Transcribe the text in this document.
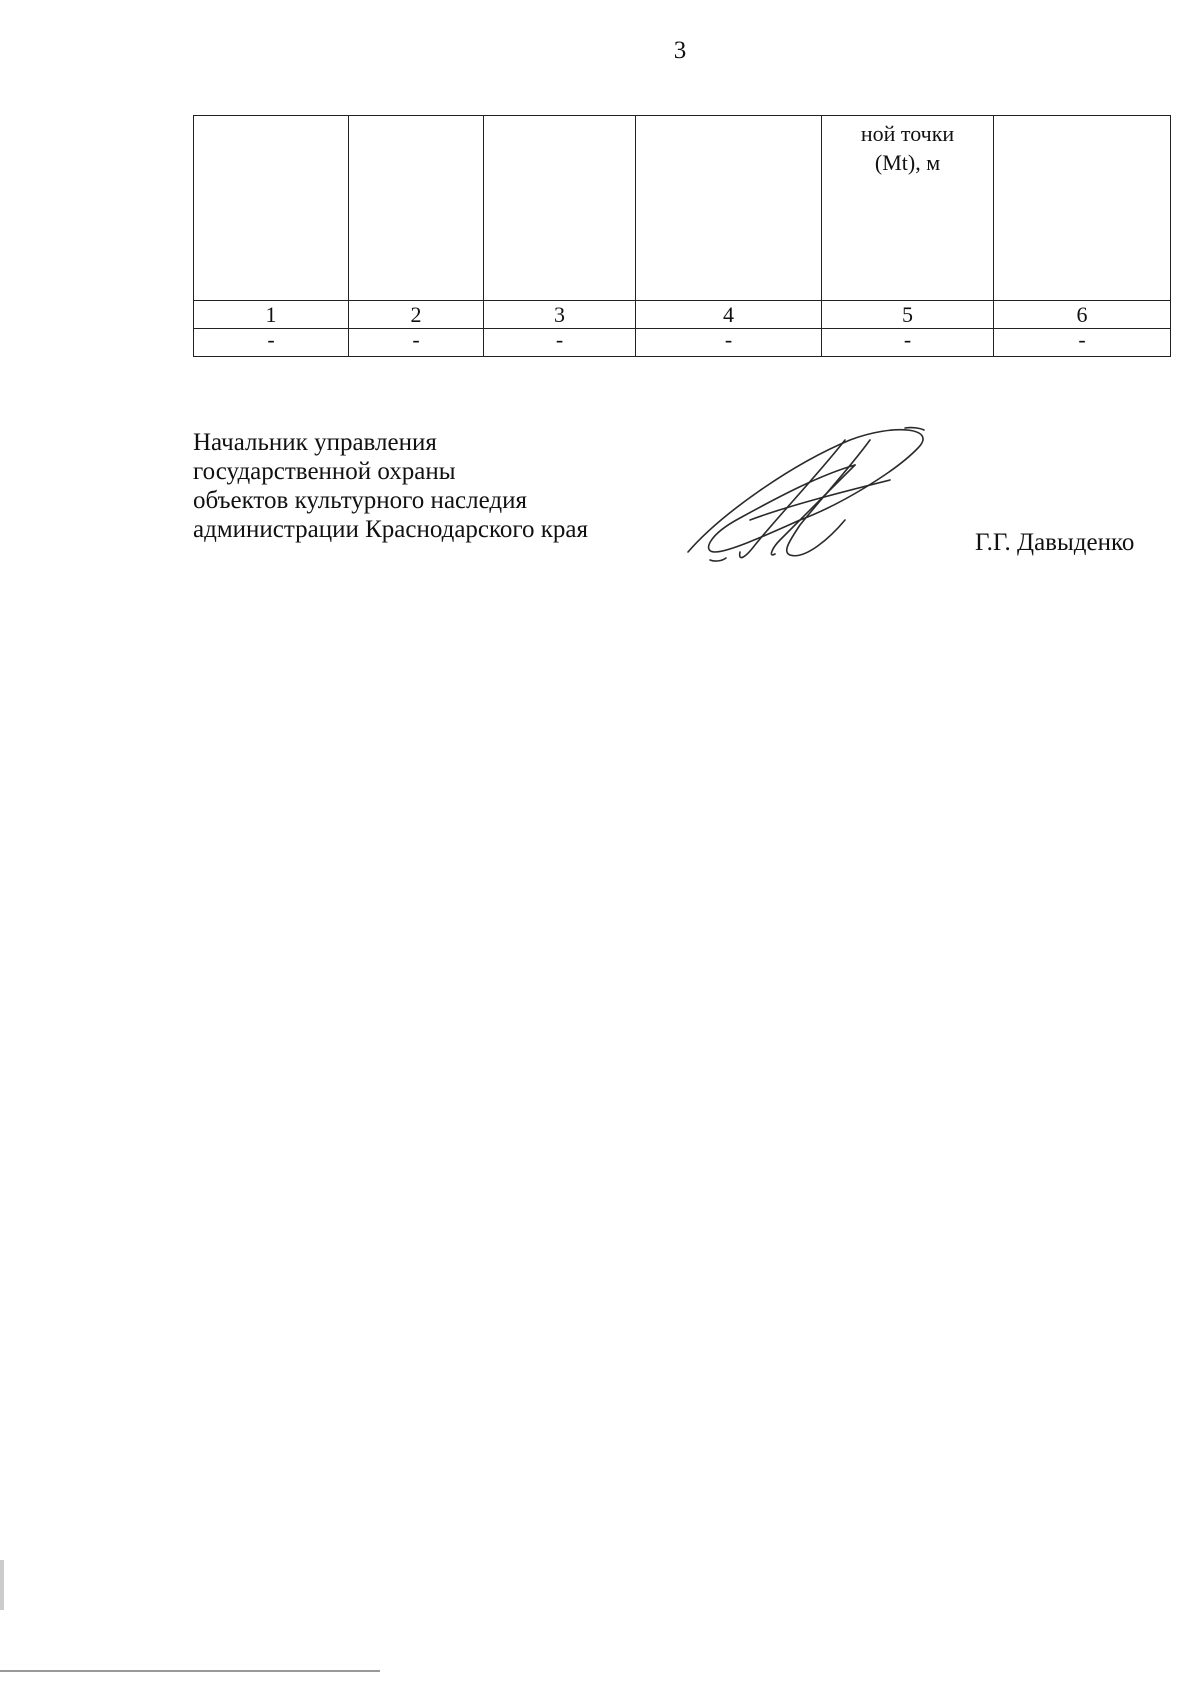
3

				ной точки
(Mt), м	

1	2	3	4	5	6
-	-	-	-	-	-
Начальник управления
государственной охраны
объектов культурного наследия
администрации Краснодарского края	Г.Г. Давыденко
